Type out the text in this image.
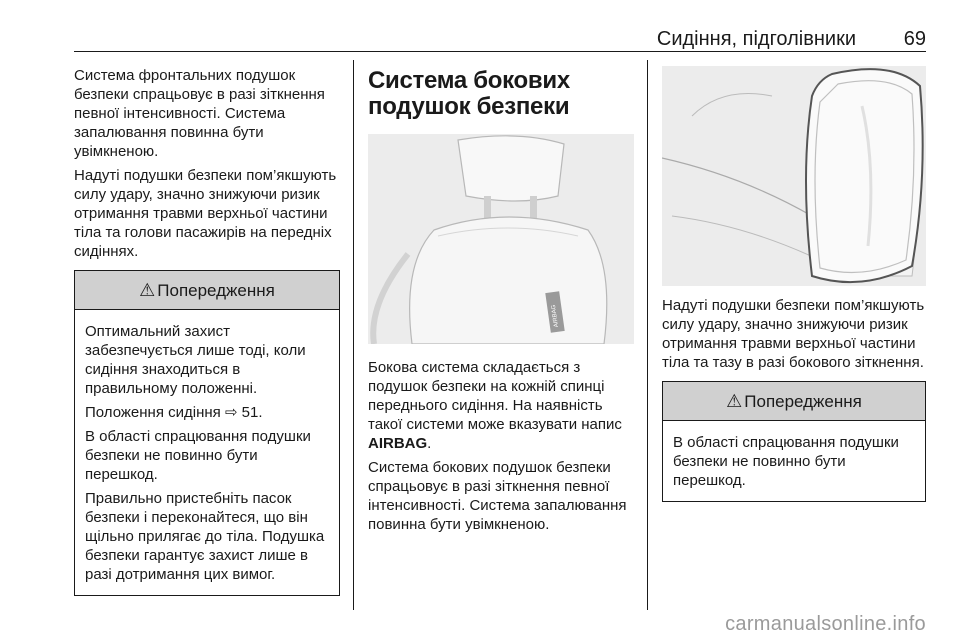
Сидіння, підголівники 69

Система фронтальних подушок безпеки спрацьовує в разі зіткнення певної інтенсивності. Система запалювання повинна бути увімкненою.

Надуті подушки безпеки пом’якшують силу удару, значно знижуючи ризик отримання травми верхньої частини тіла та голови пасажирів на передніх сидіннях.

⚠ Попередження

Оптимальний захист забезпечується лише тоді, коли сидіння знаходиться в правильному положенні.

Положення сидіння ⇨ 51.

В області спрацювання подушки безпеки не повинно бути перешкод.

Правильно пристебніть пасок безпеки і переконайтеся, що він щільно прилягає до тіла. Подушка безпеки гарантує захист лише в разі дотримання цих вимог.

Система бокових подушок безпеки
AIRBAG

Бокова система складається з подушок безпеки на кожній спинці переднього сидіння. На наявність такої системи може вказувати напис AIRBAG.

Система бокових подушок безпеки спрацьовує в разі зіткнення певної інтенсивності. Система запалювання повинна бути увімкненою.

Надуті подушки безпеки пом’якшують силу удару, значно знижуючи ризик отримання травми верхньої частини тіла та тазу в разі бокового зіткнення.

⚠ Попередження

В області спрацювання подушки безпеки не повинно бути перешкод.

carmanualsonline.info
